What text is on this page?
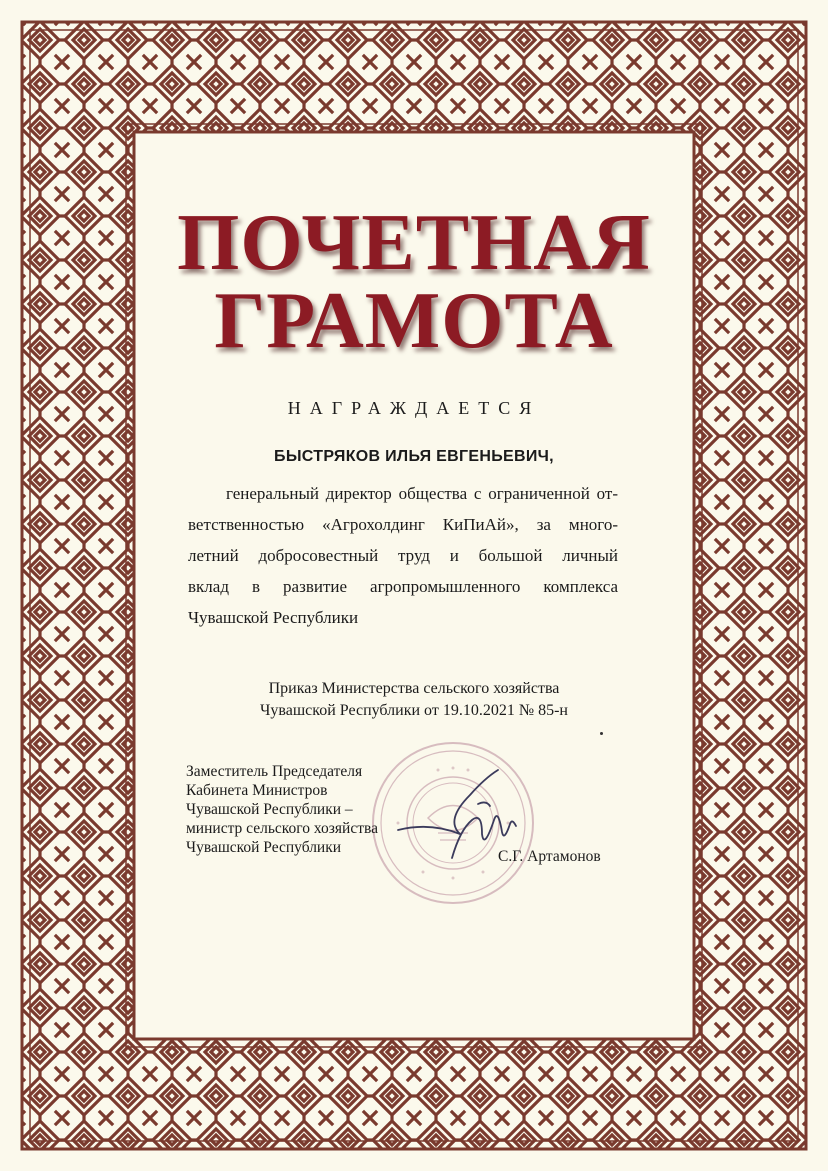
ПОЧЕТНАЯ
ГРАМОТА
НАГРАЖДАЕТСЯ
БЫСТРЯКОВ ИЛЬЯ ЕВГЕНЬЕВИЧ,
генеральный директор общества с ограниченной от-
ветственностью «Агрохолдинг КиПиАй», за много-
летний добросовестный труд и большой личный
вклад в развитие агропромышленного комплекса
Чувашской Республики
Приказ Министерства сельского хозяйства
Чувашской Республики от 19.10.2021 № 85-н
Заместитель Председателя
Кабинета Министров
Чувашской Республики –
министр сельского хозяйства
Чувашской Республики
С.Г. Артамонов
